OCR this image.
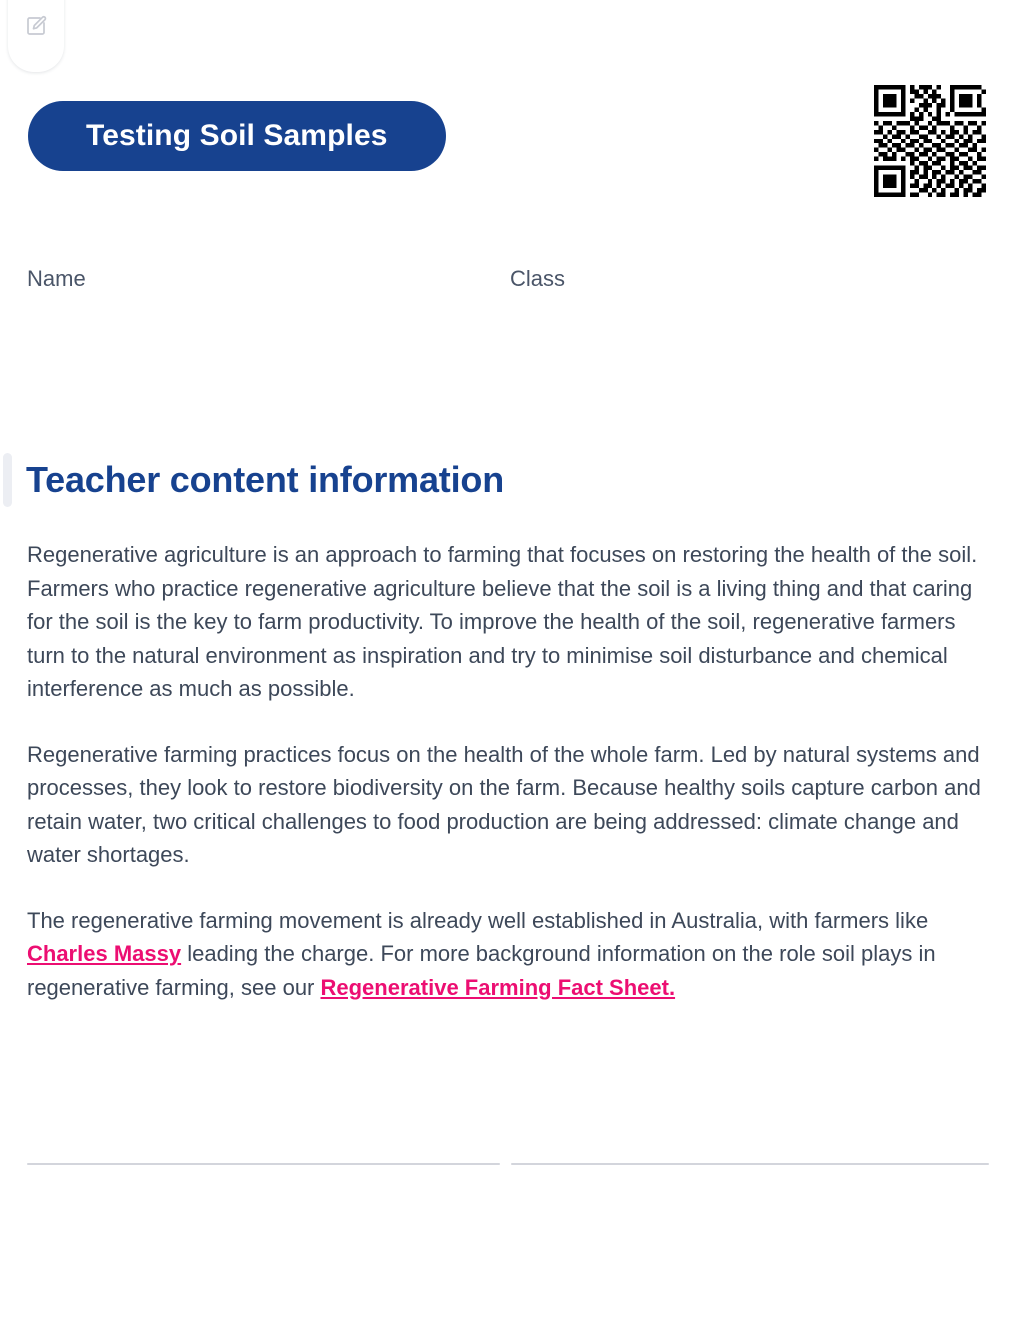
Testing Soil Samples
Name	Class
Teacher content information

Regenerative agriculture is an approach to farming that focuses on restoring the health of the soil. Farmers who practice regenerative agriculture believe that the soil is a living thing and that caring for the soil is the key to farm productivity. To improve the health of the soil, regenerative farmers turn to the natural environment as inspiration and try to minimise soil disturbance and chemical interference as much as possible.

Regenerative farming practices focus on the health of the whole farm. Led by natural systems and processes, they look to restore biodiversity on the farm. Because healthy soils capture carbon and retain water, two critical challenges to food production are being addressed: climate change and water shortages.

The regenerative farming movement is already well established in Australia, with farmers like Charles Massy leading the charge. For more background information on the role soil plays in regenerative farming, see our Regenerative Farming Fact Sheet.
